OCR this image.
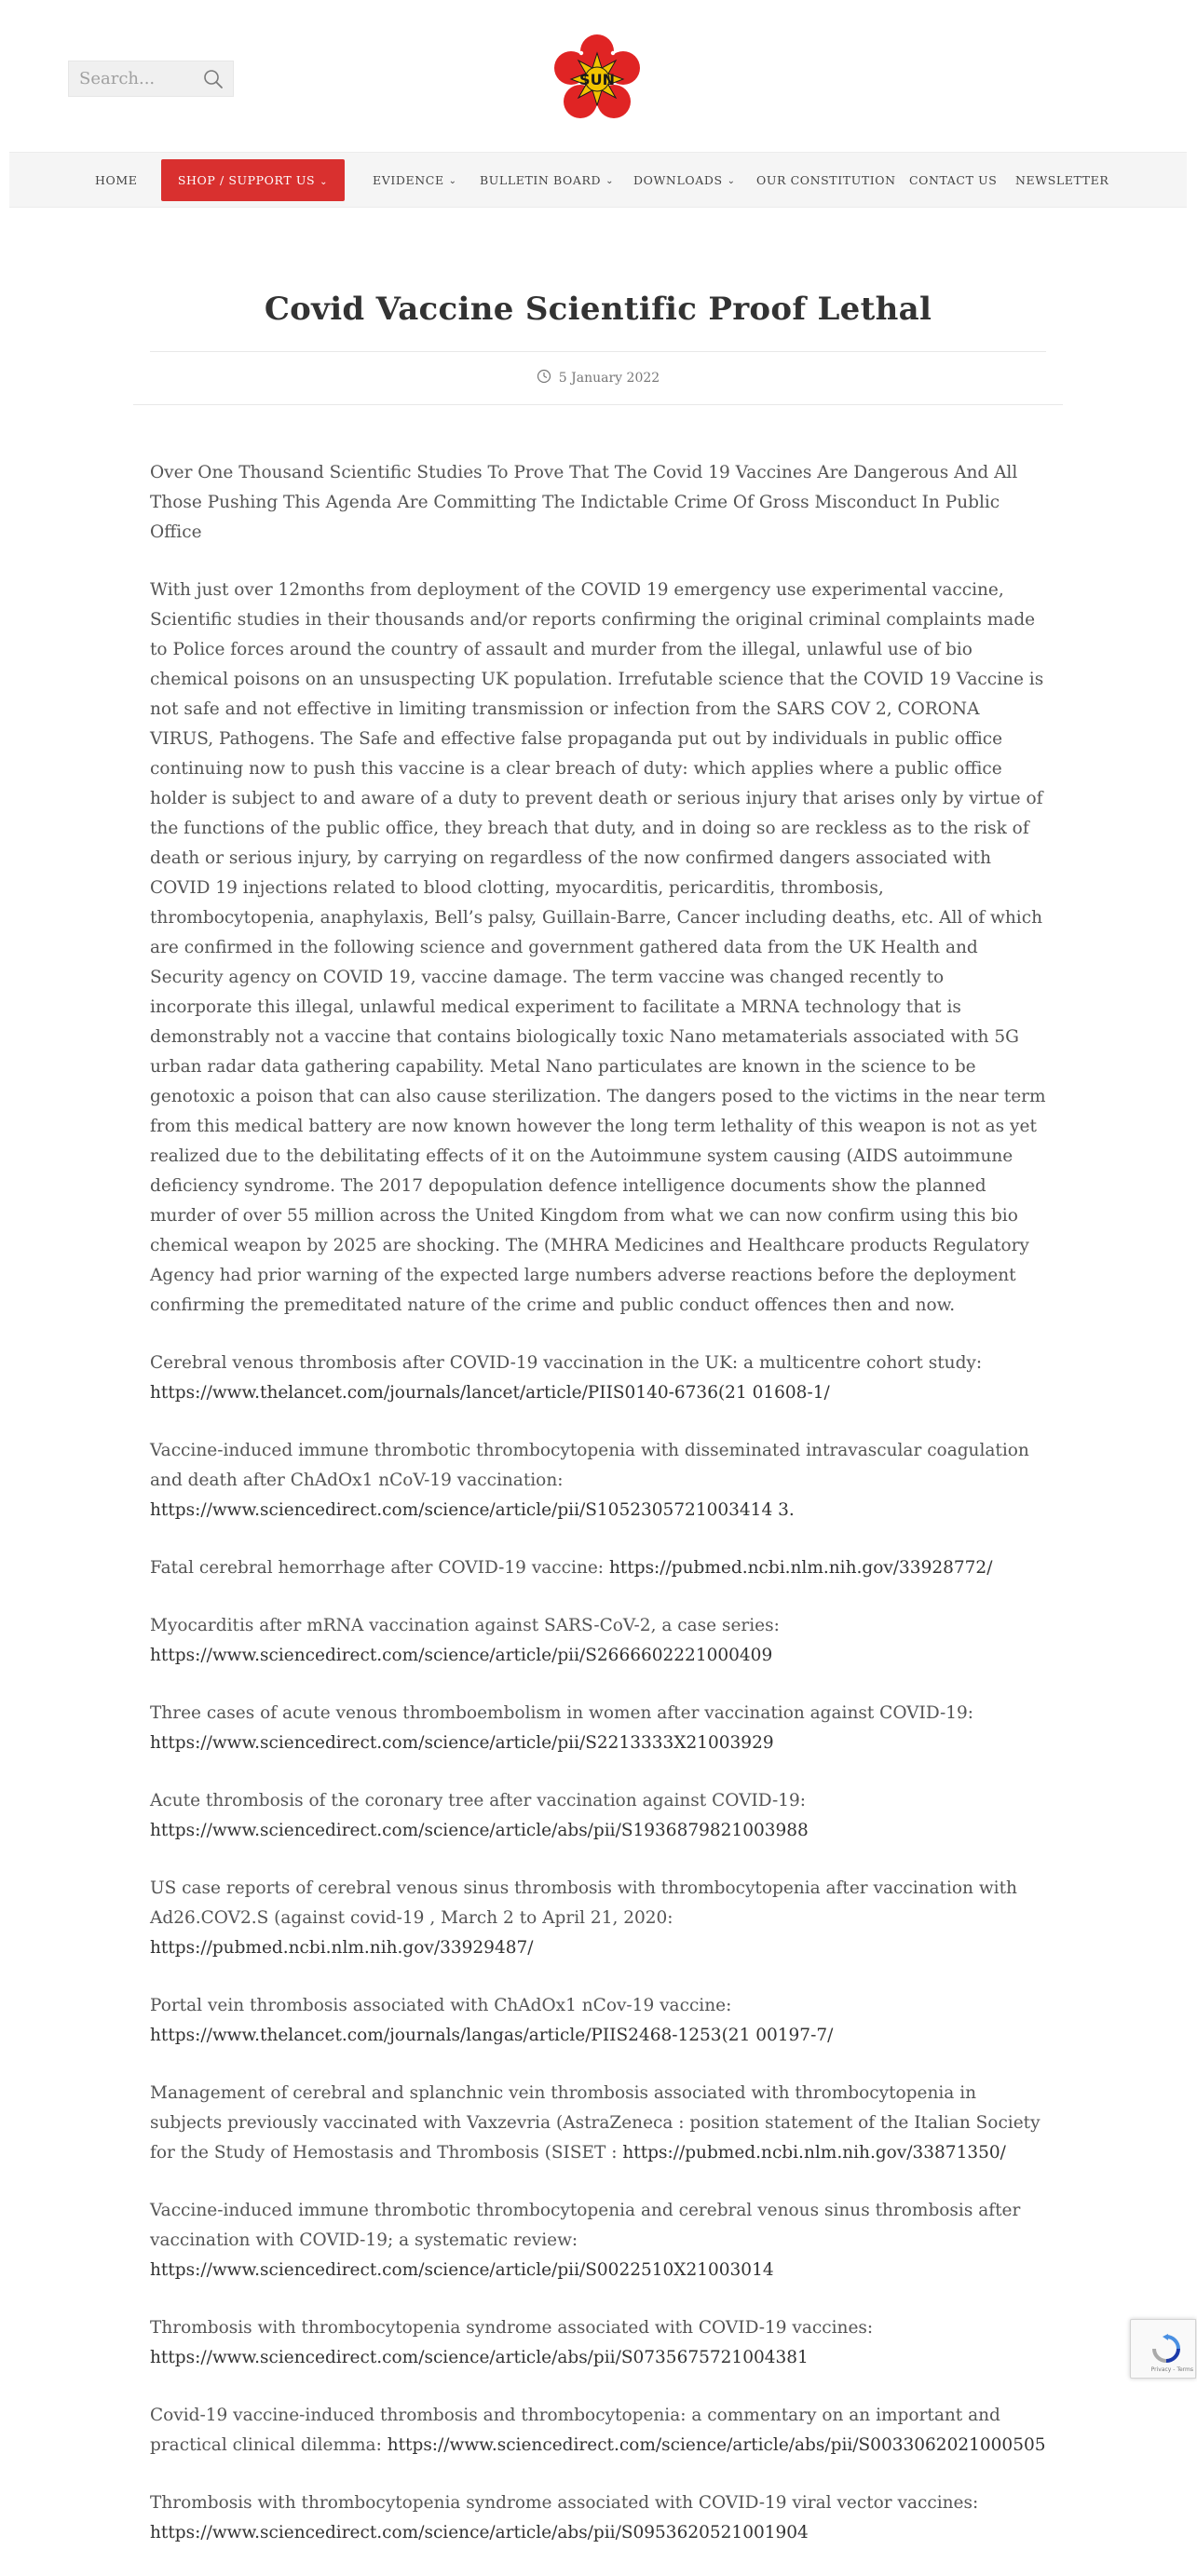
Search...
SUN
HOME	SHOP / SUPPORT US ⌄	EVIDENCE ⌄ BULLETIN BOARD ⌄ DOWNLOADS ⌄ OUR CONSTITUTION CONTACT US NEWSLETTER
Covid Vaccine Scientific Proof Lethal
5 January 2022

Over One Thousand Scientific Studies To Prove That The Covid 19 Vaccines Are Dangerous And All Those Pushing This Agenda Are Committing The Indictable Crime Of Gross Misconduct In Public Office

With just over 12months from deployment of the COVID 19 emergency use experimental vaccine, Scientific studies in their thousands and/or reports confirming the original criminal complaints made to Police forces around the country of assault and murder from the illegal, unlawful use of bio chemical poisons on an unsuspecting UK population. Irrefutable science that the COVID 19 Vaccine is not safe and not effective in limiting transmission or infection from the SARS COV 2, CORONA VIRUS, Pathogens. The Safe and effective false propaganda put out by individuals in public office continuing now to push this vaccine is a clear breach of duty: which applies where a public office holder is subject to and aware of a duty to prevent death or serious injury that arises only by virtue of the functions of the public office, they breach that duty, and in doing so are reckless as to the risk of death or serious injury, by carrying on regardless of the now confirmed dangers associated with COVID 19 injections related to blood clotting, myocarditis, pericarditis, thrombosis, thrombocytopenia, anaphylaxis, Bell’s palsy, Guillain-Barre, Cancer including deaths, etc. All of which are confirmed in the following science and government gathered data from the UK Health and Security agency on COVID 19, vaccine damage. The term vaccine was changed recently to incorporate this illegal, unlawful medical experiment to facilitate a MRNA technology that is demonstrably not a vaccine that contains biologically toxic Nano metamaterials associated with 5G urban radar data gathering capability. Metal Nano particulates are known in the science to be genotoxic a poison that can also cause sterilization. The dangers posed to the victims in the near term from this medical battery are now known however the long term lethality of this weapon is not as yet realized due to the debilitating effects of it on the Autoimmune system causing (AIDS autoimmune deficiency syndrome. The 2017 depopulation defence intelligence documents show the planned murder of over 55 million across the United Kingdom from what we can now confirm using this bio chemical weapon by 2025 are shocking. The (MHRA Medicines and Healthcare products Regulatory Agency had prior warning of the expected large numbers adverse reactions before the deployment confirming the premeditated nature of the crime and public conduct offences then and now.

Cerebral venous thrombosis after COVID-19 vaccination in the UK: a multicentre cohort study: https://www.thelancet.com/journals/lancet/article/PIIS0140-6736(21 01608-1/

Vaccine-induced immune thrombotic thrombocytopenia with disseminated intravascular coagulation and death after ChAdOx1 nCoV-19 vaccination: https://www.sciencedirect.com/science/article/pii/S1052305721003414 3.

Fatal cerebral hemorrhage after COVID-19 vaccine: https://pubmed.ncbi.nlm.nih.gov/33928772/

Myocarditis after mRNA vaccination against SARS-CoV-2, a case series: https://www.sciencedirect.com/science/article/pii/S2666602221000409

Three cases of acute venous thromboembolism in women after vaccination against COVID-19: https://www.sciencedirect.com/science/article/pii/S2213333X21003929

Acute thrombosis of the coronary tree after vaccination against COVID-19: https://www.sciencedirect.com/science/article/abs/pii/S1936879821003988

US case reports of cerebral venous sinus thrombosis with thrombocytopenia after vaccination with Ad26.COV2.S (against covid-19 , March 2 to April 21, 2020: https://pubmed.ncbi.nlm.nih.gov/33929487/

Portal vein thrombosis associated with ChAdOx1 nCov-19 vaccine: https://www.thelancet.com/journals/langas/article/PIIS2468-1253(21 00197-7/

Management of cerebral and splanchnic vein thrombosis associated with thrombocytopenia in subjects previously vaccinated with Vaxzevria (AstraZeneca : position statement of the Italian Society for the Study of Hemostasis and Thrombosis (SISET : https://pubmed.ncbi.nlm.nih.gov/33871350/

Vaccine-induced immune thrombotic thrombocytopenia and cerebral venous sinus thrombosis after vaccination with COVID-19; a systematic review: https://www.sciencedirect.com/science/article/pii/S0022510X21003014

Thrombosis with thrombocytopenia syndrome associated with COVID-19 vaccines: https://www.sciencedirect.com/science/article/abs/pii/S0735675721004381

Covid-19 vaccine-induced thrombosis and thrombocytopenia: a commentary on an important and practical clinical dilemma: https://www.sciencedirect.com/science/article/abs/pii/S0033062021000505

Thrombosis with thrombocytopenia syndrome associated with COVID-19 viral vector vaccines: https://www.sciencedirect.com/science/article/abs/pii/S0953620521001904

Privacy - Terms
